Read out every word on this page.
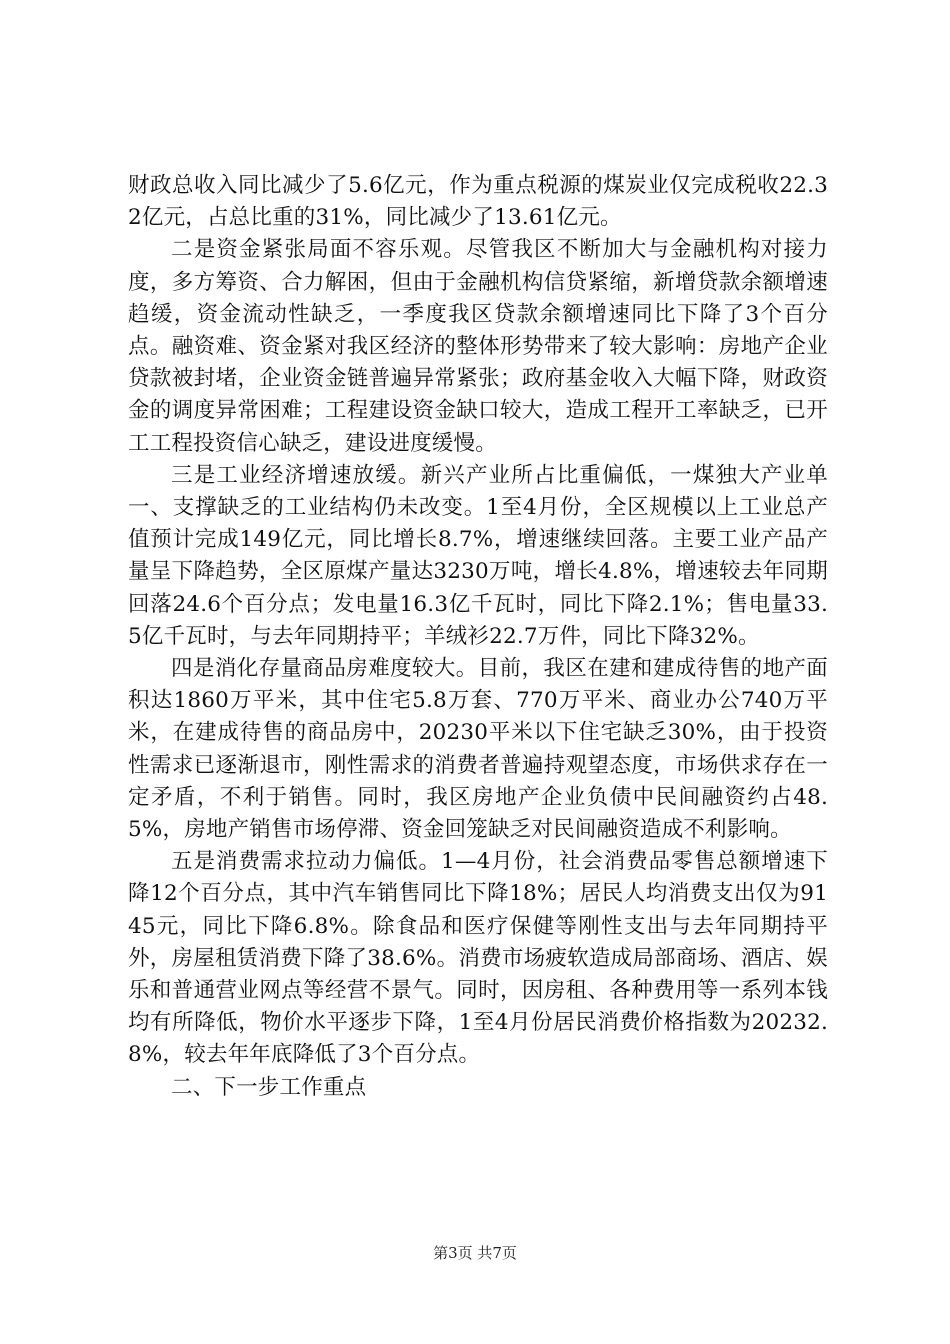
财政总收入同比减少了5.6亿元，作为重点税源的煤炭业仅完成税收22.32亿元，占总比重的31%，同比减少了13.61亿元。

二是资金紧张局面不容乐观。尽管我区不断加大与金融机构对接力度，多方筹资、合力解困，但由于金融机构信贷紧缩，新增贷款余额增速趋缓，资金流动性缺乏，一季度我区贷款余额增速同比下降了3个百分点。融资难、资金紧对我区经济的整体形势带来了较大影响：房地产企业贷款被封堵，企业资金链普遍异常紧张；政府基金收入大幅下降，财政资金的调度异常困难；工程建设资金缺口较大，造成工程开工率缺乏，已开工工程投资信心缺乏，建设进度缓慢。

三是工业经济增速放缓。新兴产业所占比重偏低，一煤独大产业单一、支撑缺乏的工业结构仍未改变。1至4月份，全区规模以上工业总产值预计完成149亿元，同比增长8.7%，增速继续回落。主要工业产品产量呈下降趋势，全区原煤产量达3230万吨，增长4.8%，增速较去年同期回落24.6个百分点；发电量16.3亿千瓦时，同比下降2.1%；售电量33.5亿千瓦时，与去年同期持平；羊绒衫22.7万件，同比下降32%。

四是消化存量商品房难度较大。目前，我区在建和建成待售的地产面积达1860万平米，其中住宅5.8万套、770万平米、商业办公740万平米，在建成待售的商品房中，20230平米以下住宅缺乏30%，由于投资性需求已逐渐退市，刚性需求的消费者普遍持观望态度，市场供求存在一定矛盾，不利于销售。同时，我区房地产企业负债中民间融资约占48.5%，房地产销售市场停滞、资金回笼缺乏对民间融资造成不利影响。

五是消费需求拉动力偏低。1—4月份，社会消费品零售总额增速下降12个百分点，其中汽车销售同比下降18%；居民人均消费支出仅为9145元，同比下降6.8%。除食品和医疗保健等刚性支出与去年同期持平外，房屋租赁消费下降了38.6%。消费市场疲软造成局部商场、酒店、娱乐和普通营业网点等经营不景气。同时，因房租、各种费用等一系列本钱均有所降低，物价水平逐步下降，1至4月份居民消费价格指数为20232.8%，较去年年底降低了3个百分点。

二、下一步工作重点

第3页 共7页
